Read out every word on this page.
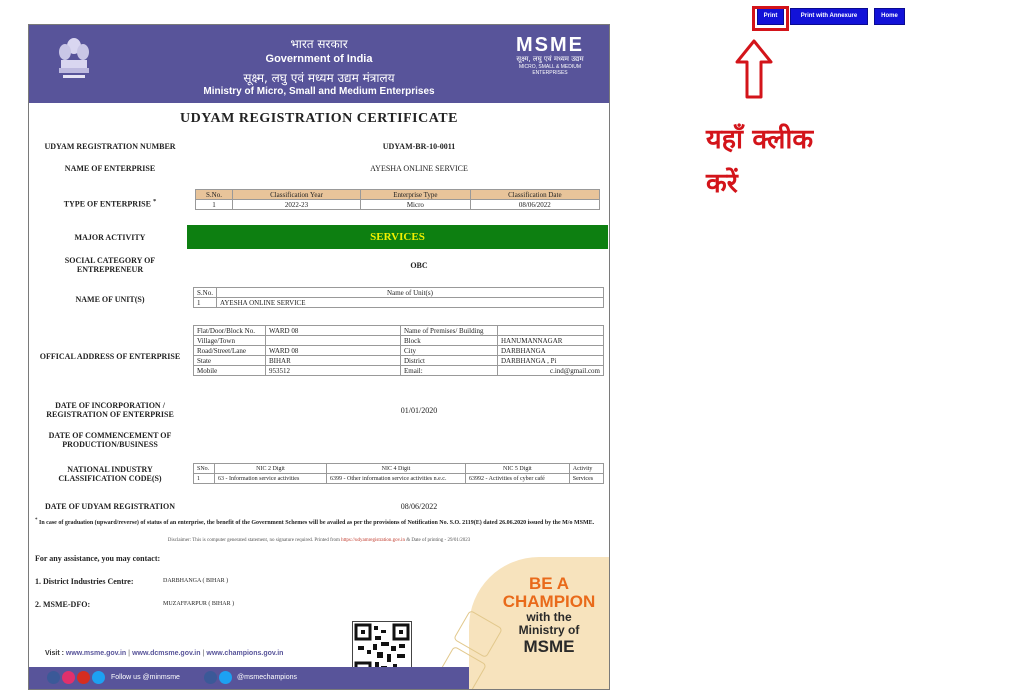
Print	Print with Annexure	Home
यहाँ क्लीक
करें
भारत सरकार
Government of India
सूक्ष्म, लघु एवं मध्यम उद्यम मंत्रालय
Ministry of Micro, Small and Medium Enterprises
MSME
सूक्ष्म, लघु एवं मध्यम उद्यम
MICRO, SMALL & MEDIUM ENTERPRISES
UDYAM REGISTRATION CERTIFICATE
UDYAM REGISTRATION NUMBER	UDYAM-BR-10-0011
NAME OF ENTERPRISE	AYESHA ONLINE SERVICE
TYPE OF ENTERPRISE *
S.No.	Classification Year	Enterprise Type	Classification Date
1	2022-23	Micro	08/06/2022
MAJOR ACTIVITY	SERVICES
SOCIAL CATEGORY OF
ENTREPRENEUR	OBC
NAME OF UNIT(S)
S.No.	Name of Unit(s)
1	AYESHA ONLINE SERVICE
OFFICAL ADDRESS OF ENTERPRISE
Flat/Door/Block No.	WARD 08	Name of Premises/ Building	
Village/Town		Block	HANUMANNAGAR
Road/Street/Lane	WARD 08	City	DARBHANGA
State	BIHAR	District	DARBHANGA , Pi
Mobile	953512	Email:	c.ind@gmail.com
DATE OF INCORPORATION /
REGISTRATION OF ENTERPRISE	01/01/2020
DATE OF COMMENCEMENT OF
PRODUCTION/BUSINESS
NATIONAL INDUSTRY
CLASSIFICATION CODE(S)
SNo.	NIC 2 Digit	NIC 4 Digit	NIC 5 Digit	Activity
1	63 - Information service activities	6399 - Other information service activities n.e.c.	63992 - Activities of cyber café	Services
DATE OF UDYAM REGISTRATION	08/06/2022
* In case of graduation (upward/reverse) of status of an enterprise, the benefit of the Government Schemes will be availed as per the provisions of Notification No. S.O. 2119(E) dated 26.06.2020 issued by the M/o MSME.
Disclaimer: This is computer generated statement, no signature required. Printed from https://udyamregistration.gov.in & Date of printing - 29/01/2023
For any assistance, you may contact:
1. District Industries Centre:	DARBHANGA ( BIHAR )
2. MSME-DFO:	MUZAFFARPUR ( BIHAR )
BE A
CHAMPION
with the
Ministry of
MSME
Visit : www.msme.gov.in | www.dcmsme.gov.in | www.champions.gov.in
Follow us @minmsme	@msmechampions
